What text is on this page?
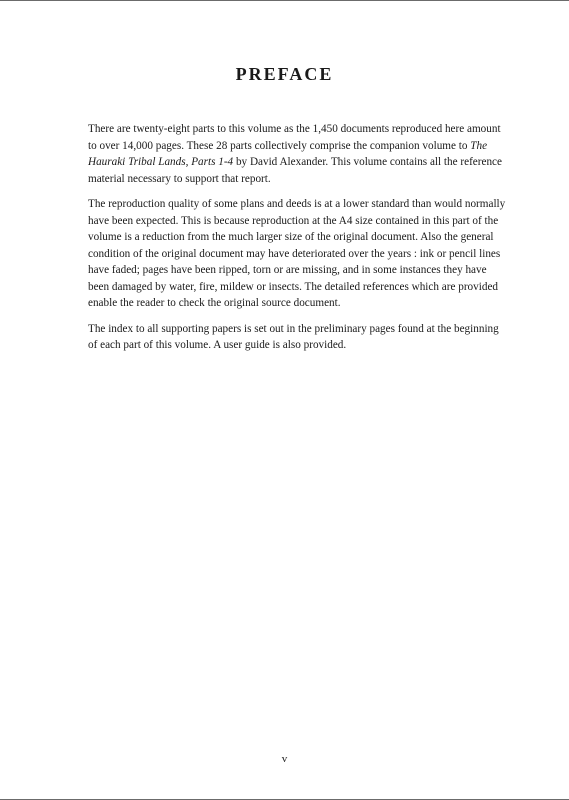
PREFACE

There are twenty-eight parts to this volume as the 1,450 documents reproduced here amount to over 14,000 pages. These 28 parts collectively comprise the companion volume to The Hauraki Tribal Lands, Parts 1-4 by David Alexander. This volume contains all the reference material necessary to support that report.

The reproduction quality of some plans and deeds is at a lower standard than would normally have been expected. This is because reproduction at the A4 size contained in this part of the volume is a reduction from the much larger size of the original document. Also the general condition of the original document may have deteriorated over the years : ink or pencil lines have faded; pages have been ripped, torn or are missing, and in some instances they have been damaged by water, fire, mildew or insects. The detailed references which are provided enable the reader to check the original source document.

The index to all supporting papers is set out in the preliminary pages found at the beginning of each part of this volume. A user guide is also provided.

v
